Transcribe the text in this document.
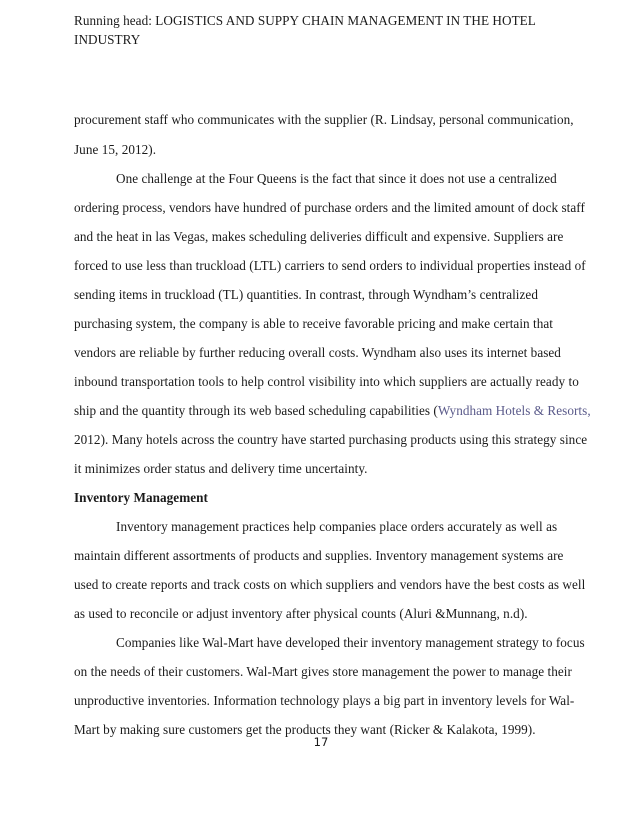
Running head: LOGISTICS AND SUPPY CHAIN MANAGEMENT IN THE HOTEL INDUSTRY
procurement staff who communicates with the supplier (R. Lindsay, personal communication,
June 15, 2012).
One challenge at the Four Queens is the fact that since it does not use a centralized
ordering process, vendors have hundred of purchase orders and the limited amount of dock staff
and the heat in las Vegas, makes scheduling deliveries difficult and expensive. Suppliers are
forced to use less than truckload (LTL) carriers to send orders to individual properties instead of
sending items in truckload (TL) quantities. In contrast, through Wyndham’s centralized
purchasing system, the company is able to receive favorable pricing and make certain that
vendors are reliable by further reducing overall costs. Wyndham also uses its internet based
inbound transportation tools to help control visibility into which suppliers are actually ready to
ship and the quantity through its web based scheduling capabilities (Wyndham Hotels & Resorts,
2012). Many hotels across the country have started purchasing products using this strategy since
it minimizes order status and delivery time uncertainty.
Inventory Management
Inventory management practices help companies place orders accurately as well as
maintain different assortments of products and supplies. Inventory management systems are
used to create reports and track costs on which suppliers and vendors have the best costs as well
as used to reconcile or adjust inventory after physical counts (Aluri &Munnang, n.d).
Companies like Wal-Mart have developed their inventory management strategy to focus
on the needs of their customers. Wal-Mart gives store management the power to manage their
unproductive inventories. Information technology plays a big part in inventory levels for Wal-
Mart by making sure customers get the products they want (Ricker & Kalakota, 1999).
17
